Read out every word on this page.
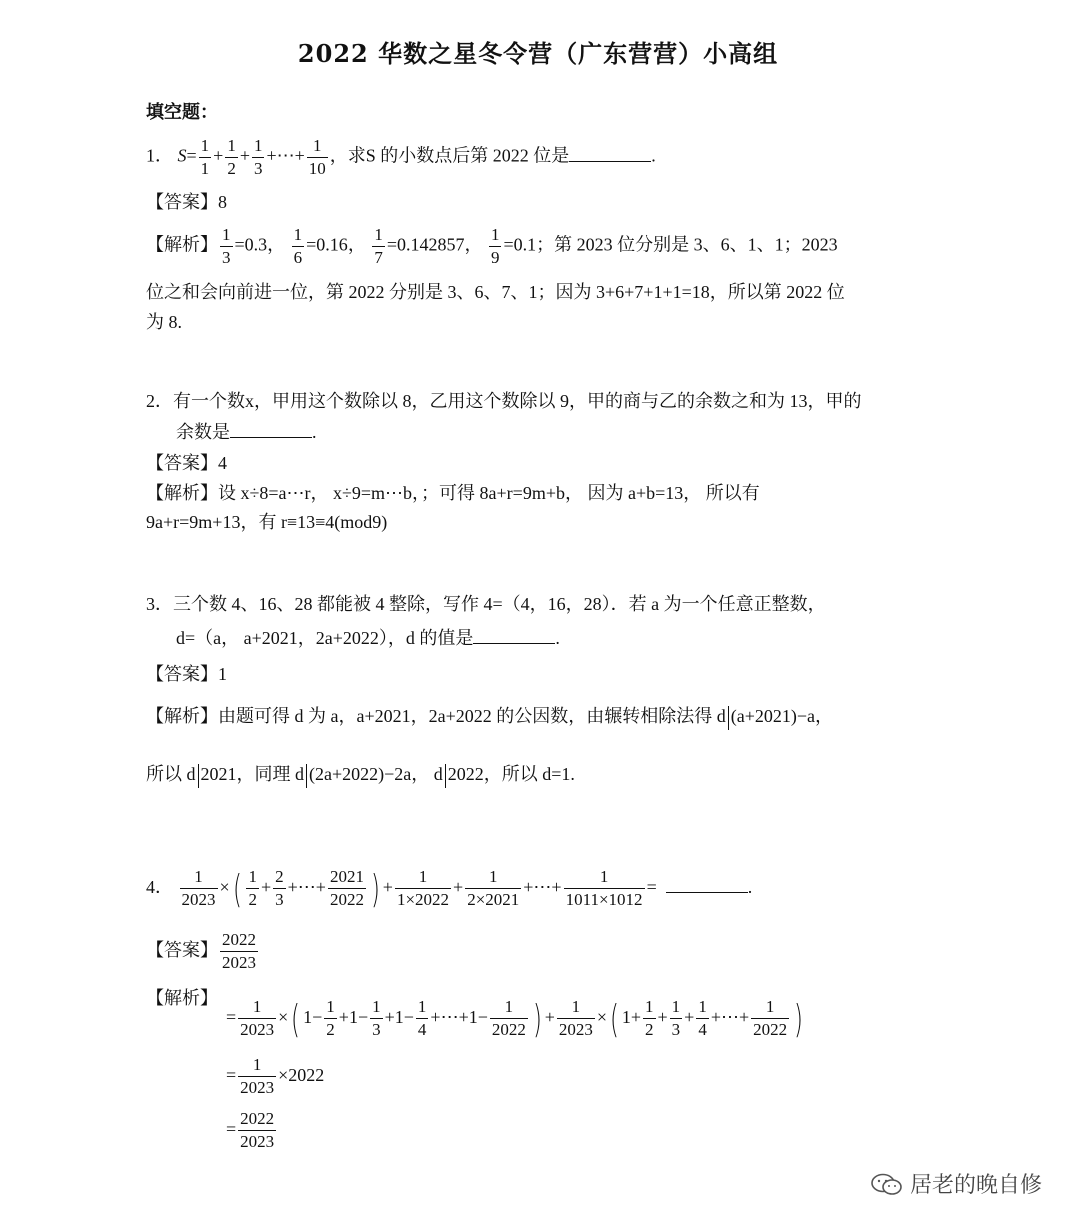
2022 华数之星冬令营（广东营营）小高组
填空题：
1． $S= \frac{1}{1} + \frac{1}{2} + \frac{1}{3}$ +⋯+ $\frac{1}{10}$ ，求S 的小数点后第 2022 位是	.
【答案】8
【解析】 $\frac{1}{3} =0.3$， $\frac{1}{6} =0.16$， $\frac{1}{7} =0.142857$， $\frac{1}{9} =0.1$；第 2023 位分别是 3、6、1、1；2023
位之和会向前进一位，第 2022 分别是 3、6、7、1；因为 3+6+7+1+1=18，所以第 2022 位
为 8.
2．有一个数x，甲用这个数除以 8，乙用这个数除以 9，甲的商与乙的余数之和为 13，甲的
余数是	.
【答案】4
【解析】设 x÷8=a⋯r， x÷9=m⋯b，；可得 8a+r=9m+b， 因为 a+b=13， 所以有
9a+r=9m+13，有 r≡13≡4(mod9)
3．三个数 4、16、28 都能被 4 整除，写作 4=（4，16，28）．若 a 为一个任意正整数，
d=（a， a+2021，2a+2022），d 的值是	.
【答案】1
【解析】由题可得 d 为 a，a+2021，2a+2022 的公因数，由辗转相除法得 d (a+2021)−a，
所以 d 2021，同理 d (2a+2022)−2a， d 2022，所以 d=1.
4． $\frac{1}{2023}$ ×( $\frac{1}{2} + \frac{2}{3}$ +⋯+ $\frac{2021}{2022}$ ) + $\frac{1}{1\times 2022} + \frac{1}{2\times 2021}$ +⋯+ $\frac{1}{1011\times 1012}$ =	.
【答案】 $\frac{2022}{2023}$
【解析】
= $\frac{1}{2023}$ ×( $1- \frac{1}{2} +1- \frac{1}{3} +1- \frac{1}{4}$ +⋯+1− $\frac{1}{2022}$ ) + $\frac{1}{2023}$ ×( $1+ \frac{1}{2} + \frac{1}{3} + \frac{1}{4}$ +⋯+ $\frac{1}{2022}$ )
= $\frac{1}{2023} \times 2022$
= $\frac{2022}{2023}$
居老的晚自修
